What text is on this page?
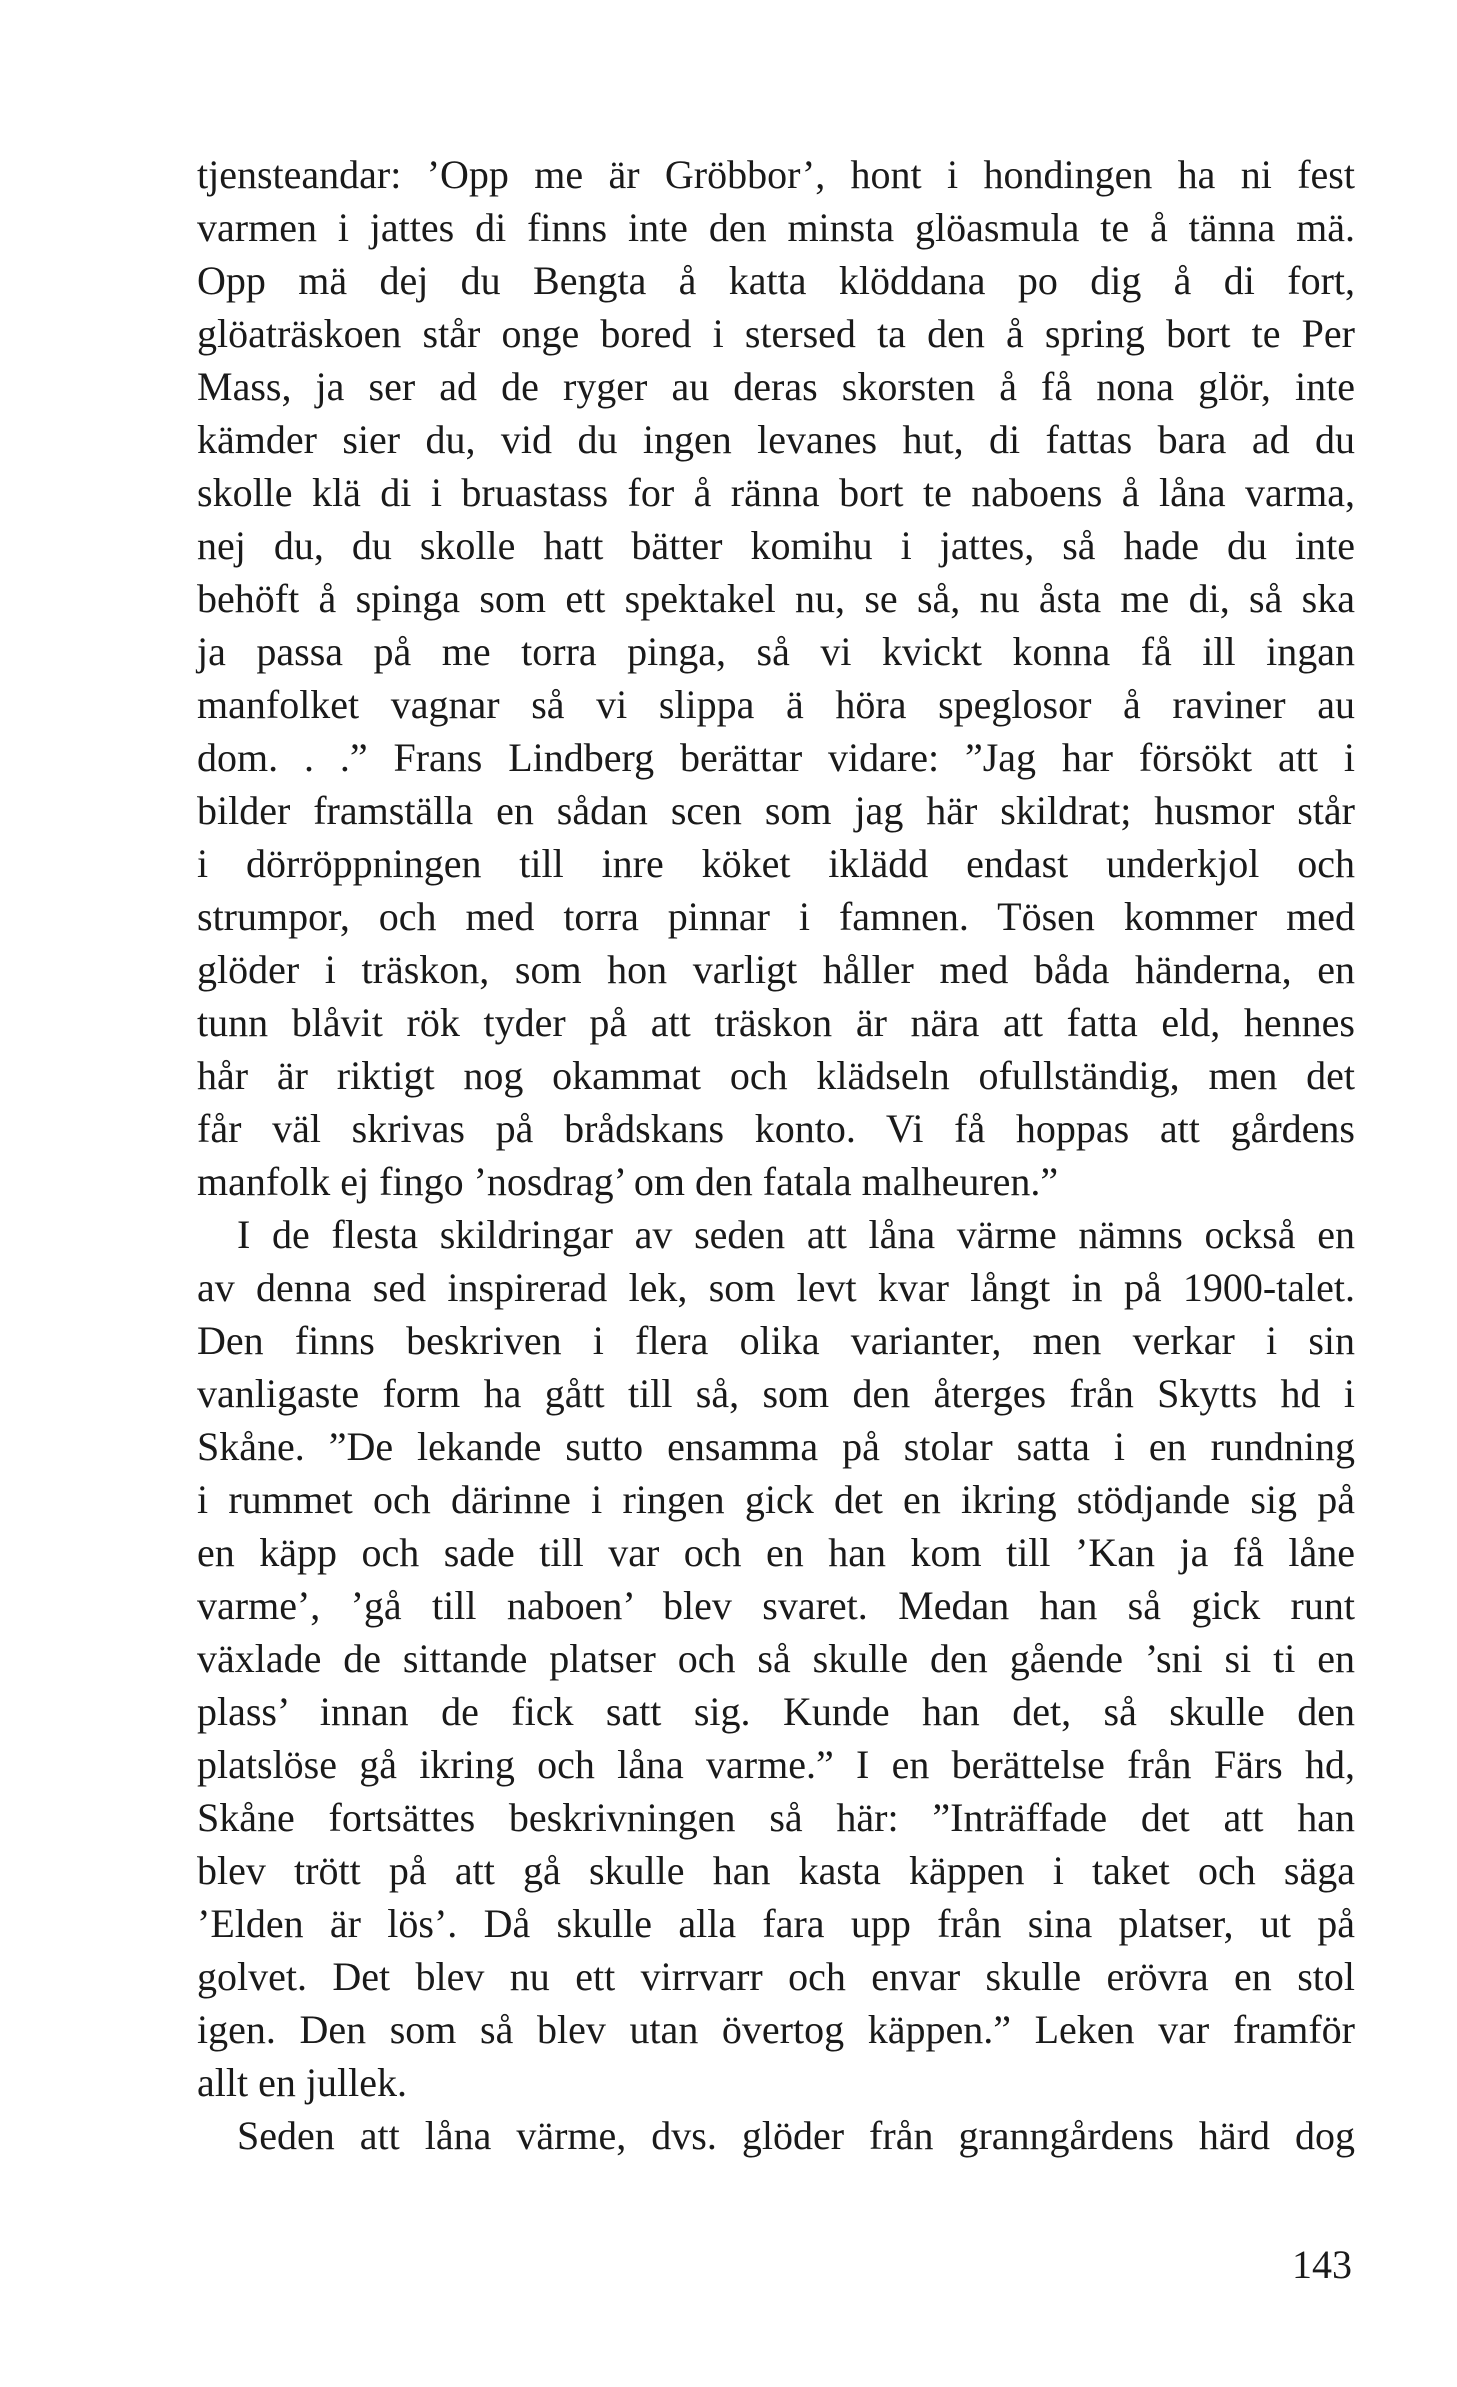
tjensteandar: ’Opp me är Gröbbor’, hont i hondingen ha ni fest
varmen i jattes di finns inte den minsta glöasmula te å tänna mä.
Opp mä dej du Bengta å katta klöddana po dig å di fort,
glöaträskoen står onge bored i stersed ta den å spring bort te Per
Mass, ja ser ad de ryger au deras skorsten å få nona glör, inte
kämder sier du, vid du ingen levanes hut, di fattas bara ad du
skolle klä di i bruastass for å ränna bort te naboens å låna varma,
nej du, du skolle hatt bätter komihu i jattes, så hade du inte
behöft å spinga som ett spektakel nu, se så, nu åsta me di, så ska
ja passa på me torra pinga, så vi kvickt konna få ill ingan
manfolket vagnar så vi slippa ä höra speglosor å raviner au
dom. . .” Frans Lindberg berättar vidare: ”Jag har försökt att i
bilder framställa en sådan scen som jag här skildrat; husmor står
i dörröppningen till inre köket iklädd endast underkjol och
strumpor, och med torra pinnar i famnen. Tösen kommer med
glöder i träskon, som hon varligt håller med båda händerna, en
tunn blåvit rök tyder på att träskon är nära att fatta eld, hennes
hår är riktigt nog okammat och klädseln ofullständig, men det
får väl skrivas på brådskans konto. Vi få hoppas att gårdens
manfolk ej fingo ’nosdrag’ om den fatala malheuren.”
I de flesta skildringar av seden att låna värme nämns också en
av denna sed inspirerad lek, som levt kvar långt in på 1900-talet.
Den finns beskriven i flera olika varianter, men verkar i sin
vanligaste form ha gått till så, som den återges från Skytts hd i
Skåne. ”De lekande sutto ensamma på stolar satta i en rundning
i rummet och därinne i ringen gick det en ikring stödjande sig på
en käpp och sade till var och en han kom till ’Kan ja få låne
varme’, ’gå till naboen’ blev svaret. Medan han så gick runt
växlade de sittande platser och så skulle den gående ’sni si ti en
plass’ innan de fick satt sig. Kunde han det, så skulle den
platslöse gå ikring och låna varme.” I en berättelse från Färs hd,
Skåne fortsättes beskrivningen så här: ”Inträffade det att han
blev trött på att gå skulle han kasta käppen i taket och säga
’Elden är lös’. Då skulle alla fara upp från sina platser, ut på
golvet. Det blev nu ett virrvarr och envar skulle erövra en stol
igen. Den som så blev utan övertog käppen.” Leken var framför
allt en jullek.
Seden att låna värme, dvs. glöder från granngårdens härd dog
143
